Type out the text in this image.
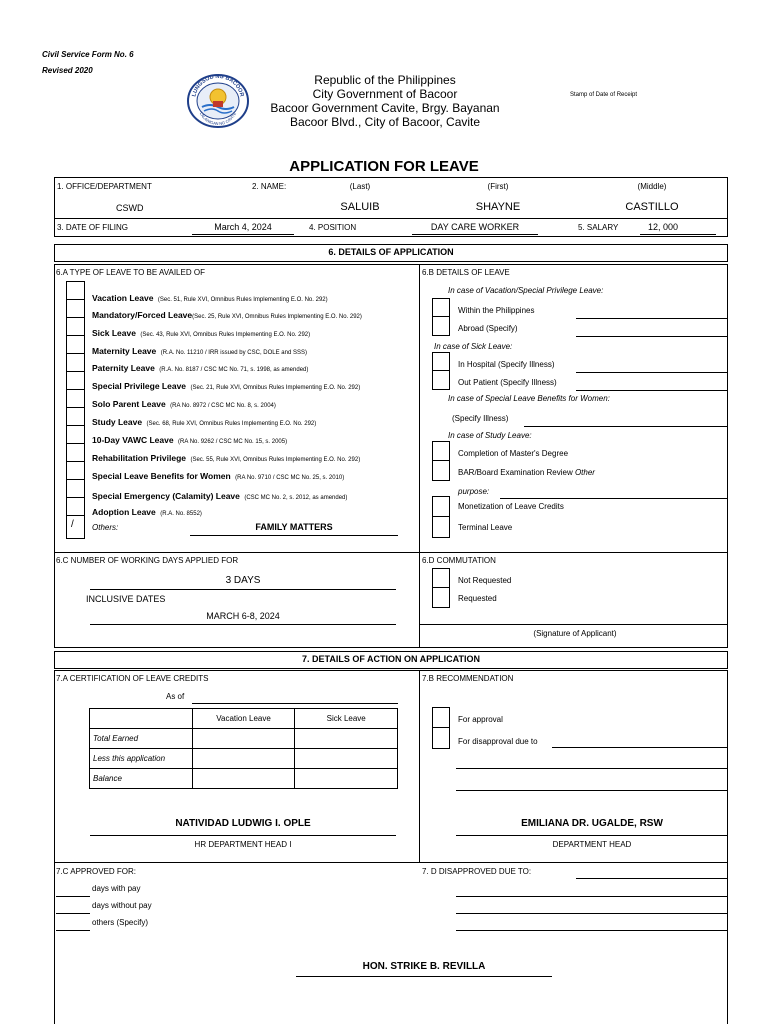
Civil Service Form No. 6
Revised 2020
LUNGSOD NG BACOOR
LALAWIGAN NG CAVITE
Republic of the Philippines
City Government of Bacoor
Bacoor Government Cavite, Brgy. Bayanan
Bacoor Blvd., City of Bacoor, Cavite
Stamp of Date of Receipt
APPLICATION FOR LEAVE
1. OFFICE/DEPARTMENT
CSWD
2. NAME:	(Last)	(First)	(Middle)
SALUIB	SHAYNE	CASTILLO
3. DATE OF FILING	March 4, 2024	4. POSITION	DAY CARE WORKER	5. SALARY	12, 000
6. DETAILS OF APPLICATION
6.A TYPE OF LEAVE TO BE AVAILED OF	6.B DETAILS OF LEAVE
/
Vacation Leave (Sec. 51, Rule XVI, Omnibus Rules Implementing E.O. No. 292)
Mandatory/Forced Leave(Sec. 25, Rule XVI, Omnibus Rules Implementing E.O. No. 292)
Sick Leave (Sec. 43, Rule XVI, Omnibus Rules Implementing E.O. No. 292)
Maternity Leave (R.A. No. 11210 / IRR issued by CSC, DOLE and SSS)
Paternity Leave (R.A. No. 8187 / CSC MC No. 71, s. 1998, as amended)
Special Privilege Leave (Sec. 21, Rule XVI, Omnibus Rules Implementing E.O. No. 292)
Solo Parent Leave (RA No. 8972 / CSC MC No. 8, s. 2004)
Study Leave (Sec. 68, Rule XVI, Omnibus Rules Implementing E.O. No. 292)
10-Day VAWC Leave (RA No. 9262 / CSC MC No. 15, s. 2005)
Rehabilitation Privilege (Sec. 55, Rule XVI, Omnibus Rules Implementing E.O. No. 292)
Special Leave Benefits for Women (RA No. 9710 / CSC MC No. 25, s. 2010)
Special Emergency (Calamity) Leave (CSC MC No. 2, s. 2012, as amended)
Adoption Leave (R.A. No. 8552)
Others:	FAMILY MATTERS
In case of Vacation/Special Privilege Leave:
Within the Philippines
Abroad (Specify)
In case of Sick Leave:
In Hospital (Specify Illness)
Out Patient (Specify Illness)
In case of Special Leave Benefits for Women:
(Specify Illness)
In case of Study Leave:
Completion of Master's Degree
BAR/Board Examination Review Other
purpose:
Monetization of Leave Credits
Terminal Leave
6.C NUMBER OF WORKING DAYS APPLIED FOR
3 DAYS
INCLUSIVE DATES
MARCH 6-8, 2024
6.D COMMUTATION
Not Requested
Requested
(Signature of Applicant)
7. DETAILS OF ACTION ON APPLICATION
7.A CERTIFICATION OF LEAVE CREDITS
As of
	Vacation Leave	Sick Leave
Total Earned		
Less this application		
Balance		
NATIVIDAD LUDWIG I. OPLE
HR DEPARTMENT HEAD I
7.B RECOMMENDATION
For approval
For disapproval due to
EMILIANA DR. UGALDE, RSW
DEPARTMENT HEAD
7.C APPROVED FOR:
days with pay
days without pay
others (Specify)
7. D DISAPPROVED DUE TO:
HON. STRIKE B. REVILLA
